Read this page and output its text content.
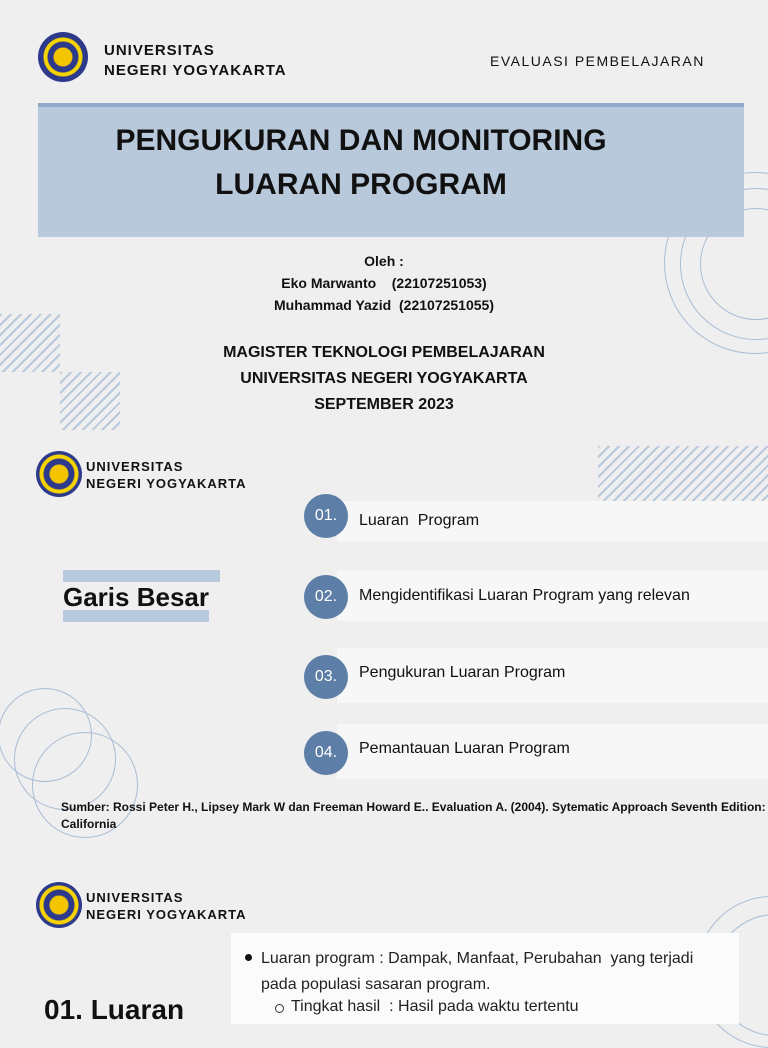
UNIVERSITAS
NEGERI YOGYAKARTA
EVALUASI PEMBELAJARAN
PENGUKURAN DAN MONITORING
LUARAN PROGRAM
Oleh :
Eko Marwanto    (22107251053)
Muhammad Yazid  (22107251055)
MAGISTER TEKNOLOGI PEMBELAJARAN
UNIVERSITAS NEGERI YOGYAKARTA
SEPTEMBER 2023
UNIVERSITAS
NEGERI YOGYAKARTA
Garis Besar
01.	Luaran  Program
02.	Mengidentifikasi Luaran Program yang relevan
03.	Pengukuran Luaran Program
04.	Pemantauan Luaran Program
Sumber: Rossi Peter H., Lipsey Mark W dan Freeman Howard E.. Evaluation A. (2004). Sytematic Approach Seventh Edition: California
UNIVERSITAS
NEGERI YOGYAKARTA
01. Luaran
Luaran program : Dampak, Manfaat, Perubahan  yang terjadi
pada populasi sasaran program.
Tingkat hasil  : Hasil pada waktu tertentu
